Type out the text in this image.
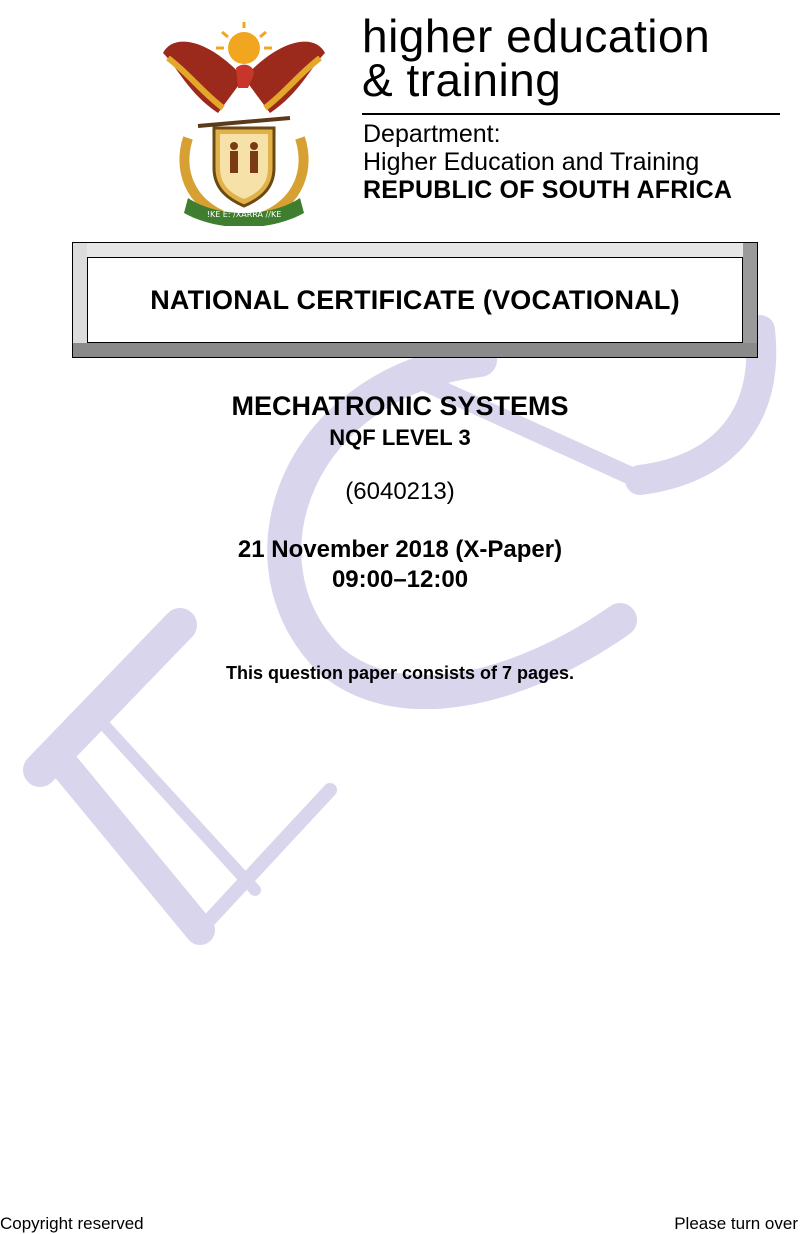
!KE E: /XARRA //KE
higher education
& training
Department:
Higher Education and Training
REPUBLIC OF SOUTH AFRICA
NATIONAL CERTIFICATE (VOCATIONAL)
MECHATRONIC SYSTEMS
NQF LEVEL 3
(6040213)
21 November 2018 (X-Paper)
09:00–12:00
This question paper consists of 7 pages.
Copyright reserved	Please turn over
